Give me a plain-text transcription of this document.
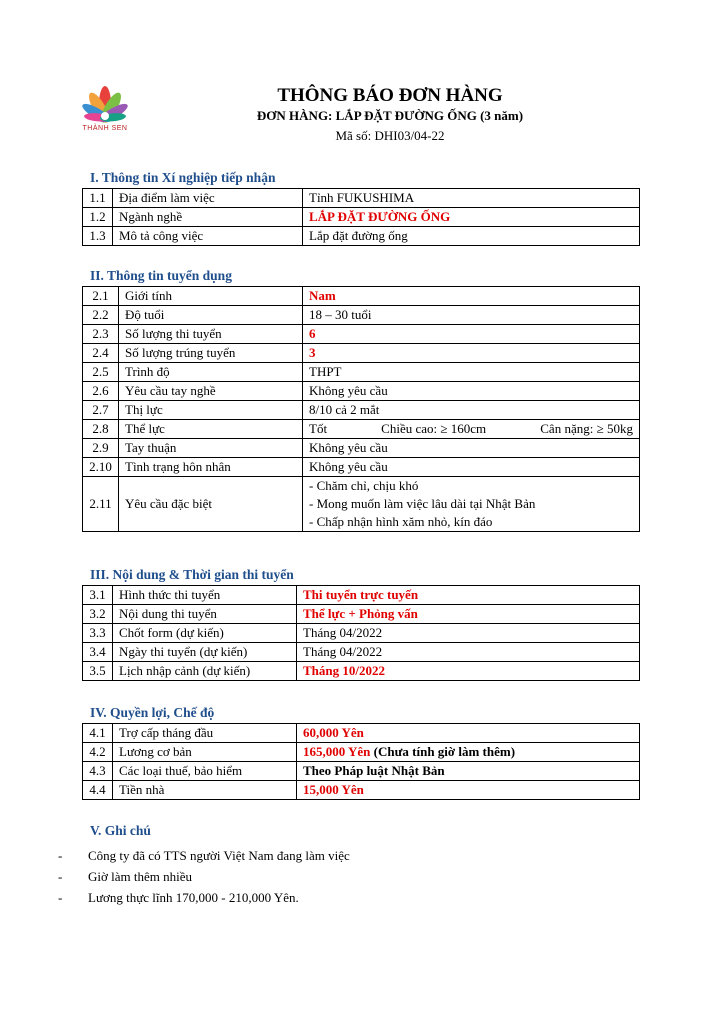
THÀNH SEN
THÔNG BÁO ĐƠN HÀNG
ĐƠN HÀNG: LẮP ĐẶT ĐƯỜNG ỐNG (3 năm)
Mã số: DHI03/04-22
I. Thông tin Xí nghiệp tiếp nhận
1.1	Địa điểm làm việc	Tỉnh FUKUSHIMA
1.2	Ngành nghề	LẮP ĐẶT ĐƯỜNG ỐNG
1.3	Mô tả công việc	Lắp đặt đường ống
II. Thông tin tuyển dụng
2.1	Giới tính	Nam
2.2	Độ tuổi	18 – 30 tuổi
2.3	Số lượng thi tuyển	6
2.4	Số lượng trúng tuyển	3
2.5	Trình độ	THPT
2.6	Yêu cầu tay nghề	Không yêu cầu
2.7	Thị lực	8/10 cả 2 mắt
2.8	Thể lực	Tốt Chiều cao: ≥ 160cm Cân nặng: ≥ 50kg

2.9	Tay thuận	Không yêu cầu
2.10	Tình trạng hôn nhân	Không yêu cầu
2.11	Yêu cầu đặc biệt	- Chăm chỉ, chịu khó
- Mong muốn làm việc lâu dài tại Nhật Bản
- Chấp nhận hình xăm nhỏ, kín đáo
III. Nội dung & Thời gian thi tuyển
3.1	Hình thức thi tuyển	Thi tuyển trực tuyến
3.2	Nội dung thi tuyển	Thể lực + Phỏng vấn
3.3	Chốt form (dự kiến)	Tháng 04/2022
3.4	Ngày thi tuyển (dự kiến)	Tháng 04/2022
3.5	Lịch nhập cảnh (dự kiến)	Tháng 10/2022
IV. Quyền lợi, Chế độ
4.1	Trợ cấp tháng đầu	60,000 Yên
4.2	Lương cơ bản	165,000 Yên (Chưa tính giờ làm thêm)
4.3	Các loại thuế, bảo hiểm	Theo Pháp luật Nhật Bản
4.4	Tiền nhà	15,000 Yên
V. Ghi chú
-	Công ty đã có TTS người Việt Nam đang làm việc
-	Giờ làm thêm nhiều
-	Lương thực lĩnh 170,000 - 210,000 Yên.
